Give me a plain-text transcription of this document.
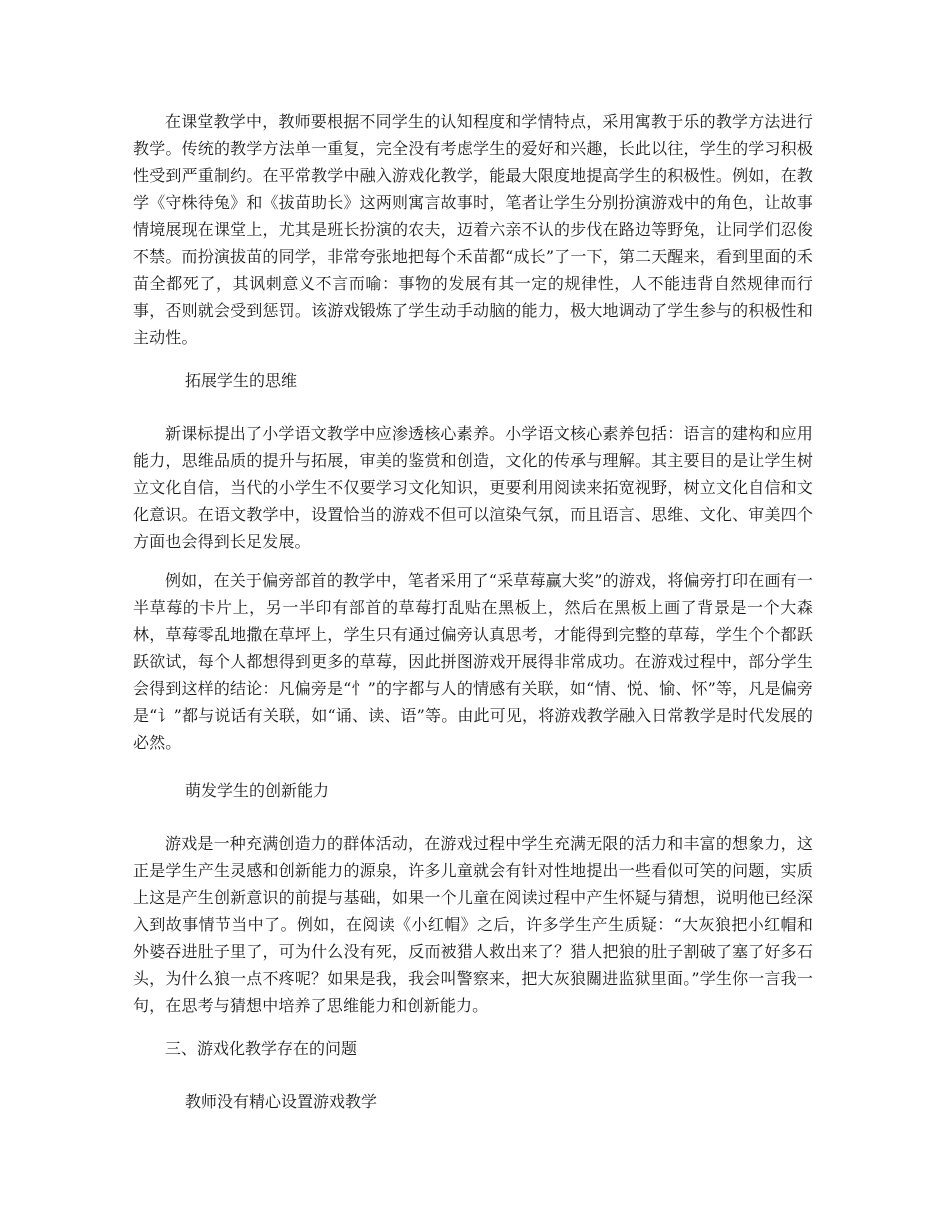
在课堂教学中，教师要根据不同学生的认知程度和学情特点，采用寓教于乐的教学方法进行教学。传统的教学方法单一重复，完全没有考虑学生的爱好和兴趣，长此以往，学生的学习积极性受到严重制约。在平常教学中融入游戏化教学，能最大限度地提高学生的积极性。例如，在教学《守株待兔》和《拔苗助长》这两则寓言故事时，笔者让学生分别扮演游戏中的角色，让故事情境展现在课堂上，尤其是班长扮演的农夫，迈着六亲不认的步伐在路边等野兔，让同学们忍俊不禁。而扮演拔苗的同学，非常夸张地把每个禾苗都“成长”了一下，第二天醒来，看到里面的禾苗全都死了，其讽刺意义不言而喻：事物的发展有其一定的规律性，人不能违背自然规律而行事，否则就会受到惩罚。该游戏锻炼了学生动手动脑的能力，极大地调动了学生参与的积极性和主动性。

拓展学生的思维

新课标提出了小学语文教学中应渗透核心素养。小学语文核心素养包括：语言的建构和应用能力，思维品质的提升与拓展，审美的鉴赏和创造，文化的传承与理解。其主要目的是让学生树立文化自信，当代的小学生不仅要学习文化知识，更要利用阅读来拓宽视野，树立文化自信和文化意识。在语文教学中，设置恰当的游戏不但可以渲染气氛，而且语言、思维、文化、审美四个方面也会得到长足发展。

例如，在关于偏旁部首的教学中，笔者采用了“采草莓赢大奖”的游戏，将偏旁打印在画有一半草莓的卡片上，另一半印有部首的草莓打乱贴在黑板上，然后在黑板上画了背景是一个大森林，草莓零乱地撒在草坪上，学生只有通过偏旁认真思考，才能得到完整的草莓，学生个个都跃跃欲试，每个人都想得到更多的草莓，因此拼图游戏开展得非常成功。在游戏过程中，部分学生会得到这样的结论：凡偏旁是“忄”的字都与人的情感有关联，如“情、悦、愉、怀”等，凡是偏旁是“讠”都与说话有关联，如“诵、读、语”等。由此可见，将游戏教学融入日常教学是时代发展的必然。

萌发学生的创新能力

游戏是一种充满创造力的群体活动，在游戏过程中学生充满无限的活力和丰富的想象力，这正是学生产生灵感和创新能力的源泉，许多儿童就会有针对性地提出一些看似可笑的问题，实质上这是产生创新意识的前提与基础，如果一个儿童在阅读过程中产生怀疑与猜想，说明他已经深入到故事情节当中了。例如，在阅读《小红帽》之后，许多学生产生质疑：“大灰狼把小红帽和外婆吞进肚子里了，可为什么没有死，反而被猎人救出来了？猎人把狼的肚子割破了塞了好多石头，为什么狼一点不疼呢？如果是我，我会叫警察来，把大灰狼關进监狱里面。”学生你一言我一句，在思考与猜想中培养了思维能力和创新能力。

三、游戏化教学存在的问题

教师没有精心设置游戏教学
